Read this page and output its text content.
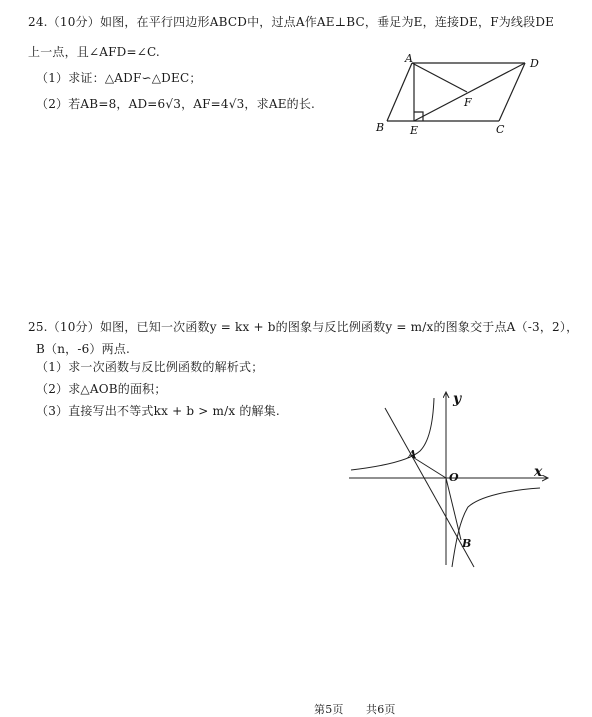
24.（10分）如图，在平行四边形ABCD中，过点A作AE⊥BC，垂足为E，连接DE，F为线段DE
上一点，且∠AFD=∠C.
（1）求证：△ADF∽△DEC；
（2）若AB=8，AD=6√3，AF=4√3，求AE的长.
A	D
F
B E	C
25.（10分）如图，已知一次函数y = kx + b的图象与反比例函数y = m/x的图象交于点A（-3，2），
B（n，-6）两点.
（1）求一次函数与反比例函数的解析式；
（2）求△AOB的面积；
（3）直接写出不等式kx + b > m/x 的解集.
y
x
O
A
B
第5页 共6页
